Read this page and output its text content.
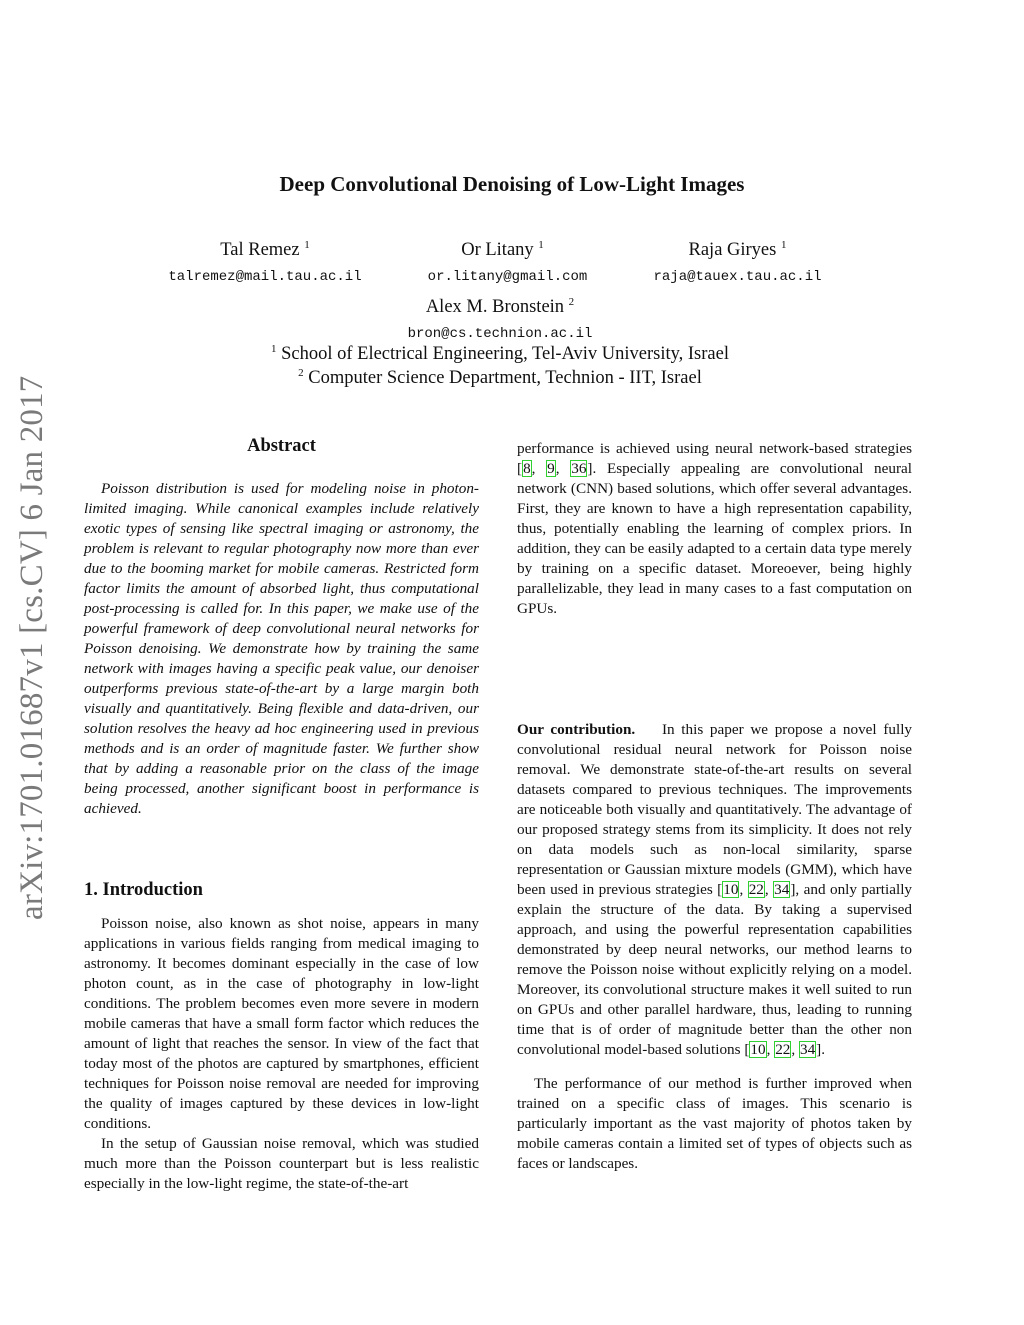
arXiv:1701.01687v1 [cs.CV] 6 Jan 2017
Deep Convolutional Denoising of Low-Light Images
Tal Remez $^1$
talremez@mail.tau.ac.il
Or Litany $^1$
or.litany@gmail.com
Raja Giryes $^1$
raja@tauex.tau.ac.il
Alex M. Bronstein $^2$
bron@cs.technion.ac.il
$^1$ School of Electrical Engineering, Tel-Aviv University, Israel
$^2$ Computer Science Department, Technion - IIT, Israel
Abstract

Poisson distribution is used for modeling noise in photon-limited imaging. While canonical examples include relatively exotic types of sensing like spectral imaging or astronomy, the problem is relevant to regular photography now more than ever due to the booming market for mobile cameras. Restricted form factor limits the amount of absorbed light, thus computational post-processing is called for. In this paper, we make use of the powerful framework of deep convolutional neural networks for Poisson denoising. We demonstrate how by training the same network with images having a specific peak value, our denoiser outperforms previous state-of-the-art by a large margin both visually and quantitatively. Being flexible and data-driven, our solution resolves the heavy ad hoc engineering used in previous methods and is an order of magnitude faster. We further show that by adding a reasonable prior on the class of the image being processed, another significant boost in performance is achieved.

1. Introduction

Poisson noise, also known as shot noise, appears in many applications in various fields ranging from medical imaging to astronomy. It becomes dominant especially in the case of low photon count, as in the case of photography in low-light conditions. The problem becomes even more severe in modern mobile cameras that have a small form factor which reduces the amount of light that reaches the sensor. In view of the fact that today most of the photos are captured by smartphones, efficient techniques for Poisson noise removal are needed for improving the quality of images captured by these devices in low-light conditions.

In the setup of Gaussian noise removal, which was studied much more than the Poisson counterpart but is less realistic especially in the low-light regime, the state-of-the-art

performance is achieved using neural network-based strategies [8, 9, 36]. Especially appealing are convolutional neural network (CNN) based solutions, which offer several advantages. First, they are known to have a high representation capability, thus, potentially enabling the learning of complex priors. In addition, they can be easily adapted to a certain data type merely by training on a specific dataset. Moreoever, being highly parallelizable, they lead in many cases to a fast computation on GPUs.

Our contribution. In this paper we propose a novel fully convolutional residual neural network for Poisson noise removal. We demonstrate state-of-the-art results on several datasets compared to previous techniques. The improvements are noticeable both visually and quantitatively. The advantage of our proposed strategy stems from its simplicity. It does not rely on data models such as non-local similarity, sparse representation or Gaussian mixture models (GMM), which have been used in previous strategies [10, 22, 34], and only partially explain the structure of the data. By taking a supervised approach, and using the powerful representation capabilities demonstrated by deep neural networks, our method learns to remove the Poisson noise without explicitly relying on a model. Moreover, its convolutional structure makes it well suited to run on GPUs and other parallel hardware, thus, leading to running time that is of order of magnitude better than the other non convolutional model-based solutions [10, 22, 34].

The performance of our method is further improved when trained on a specific class of images. This scenario is particularly important as the vast majority of photos taken by mobile cameras contain a limited set of types of objects such as faces or landscapes.
